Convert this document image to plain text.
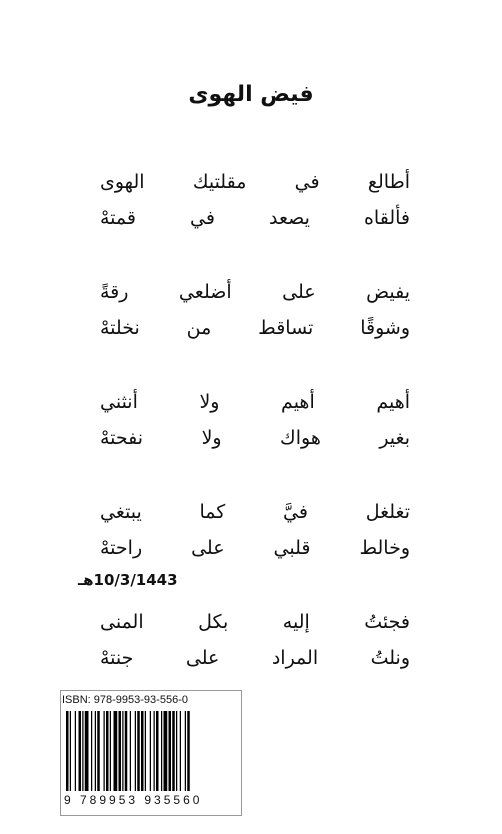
فيض الهوى
أطالع في مقلتيك الهوى
فألقاه يصعد في قمتهْ
يفيض على أضلعي رقةً
وشوقًا تساقط من نخلتهْ
أهيم أهيم ولا أنثني
بغير هواك ولا نفحتهْ
تغلغل فيَّ كما يبتغي
وخالط قلبي على راحتهْ
فجئتُ إليه بكل المنى
ونلتُ المراد على جنتهْ
10/3/1443هـ
ISBN: 978-9953-93-556-0
9 789953 935560
